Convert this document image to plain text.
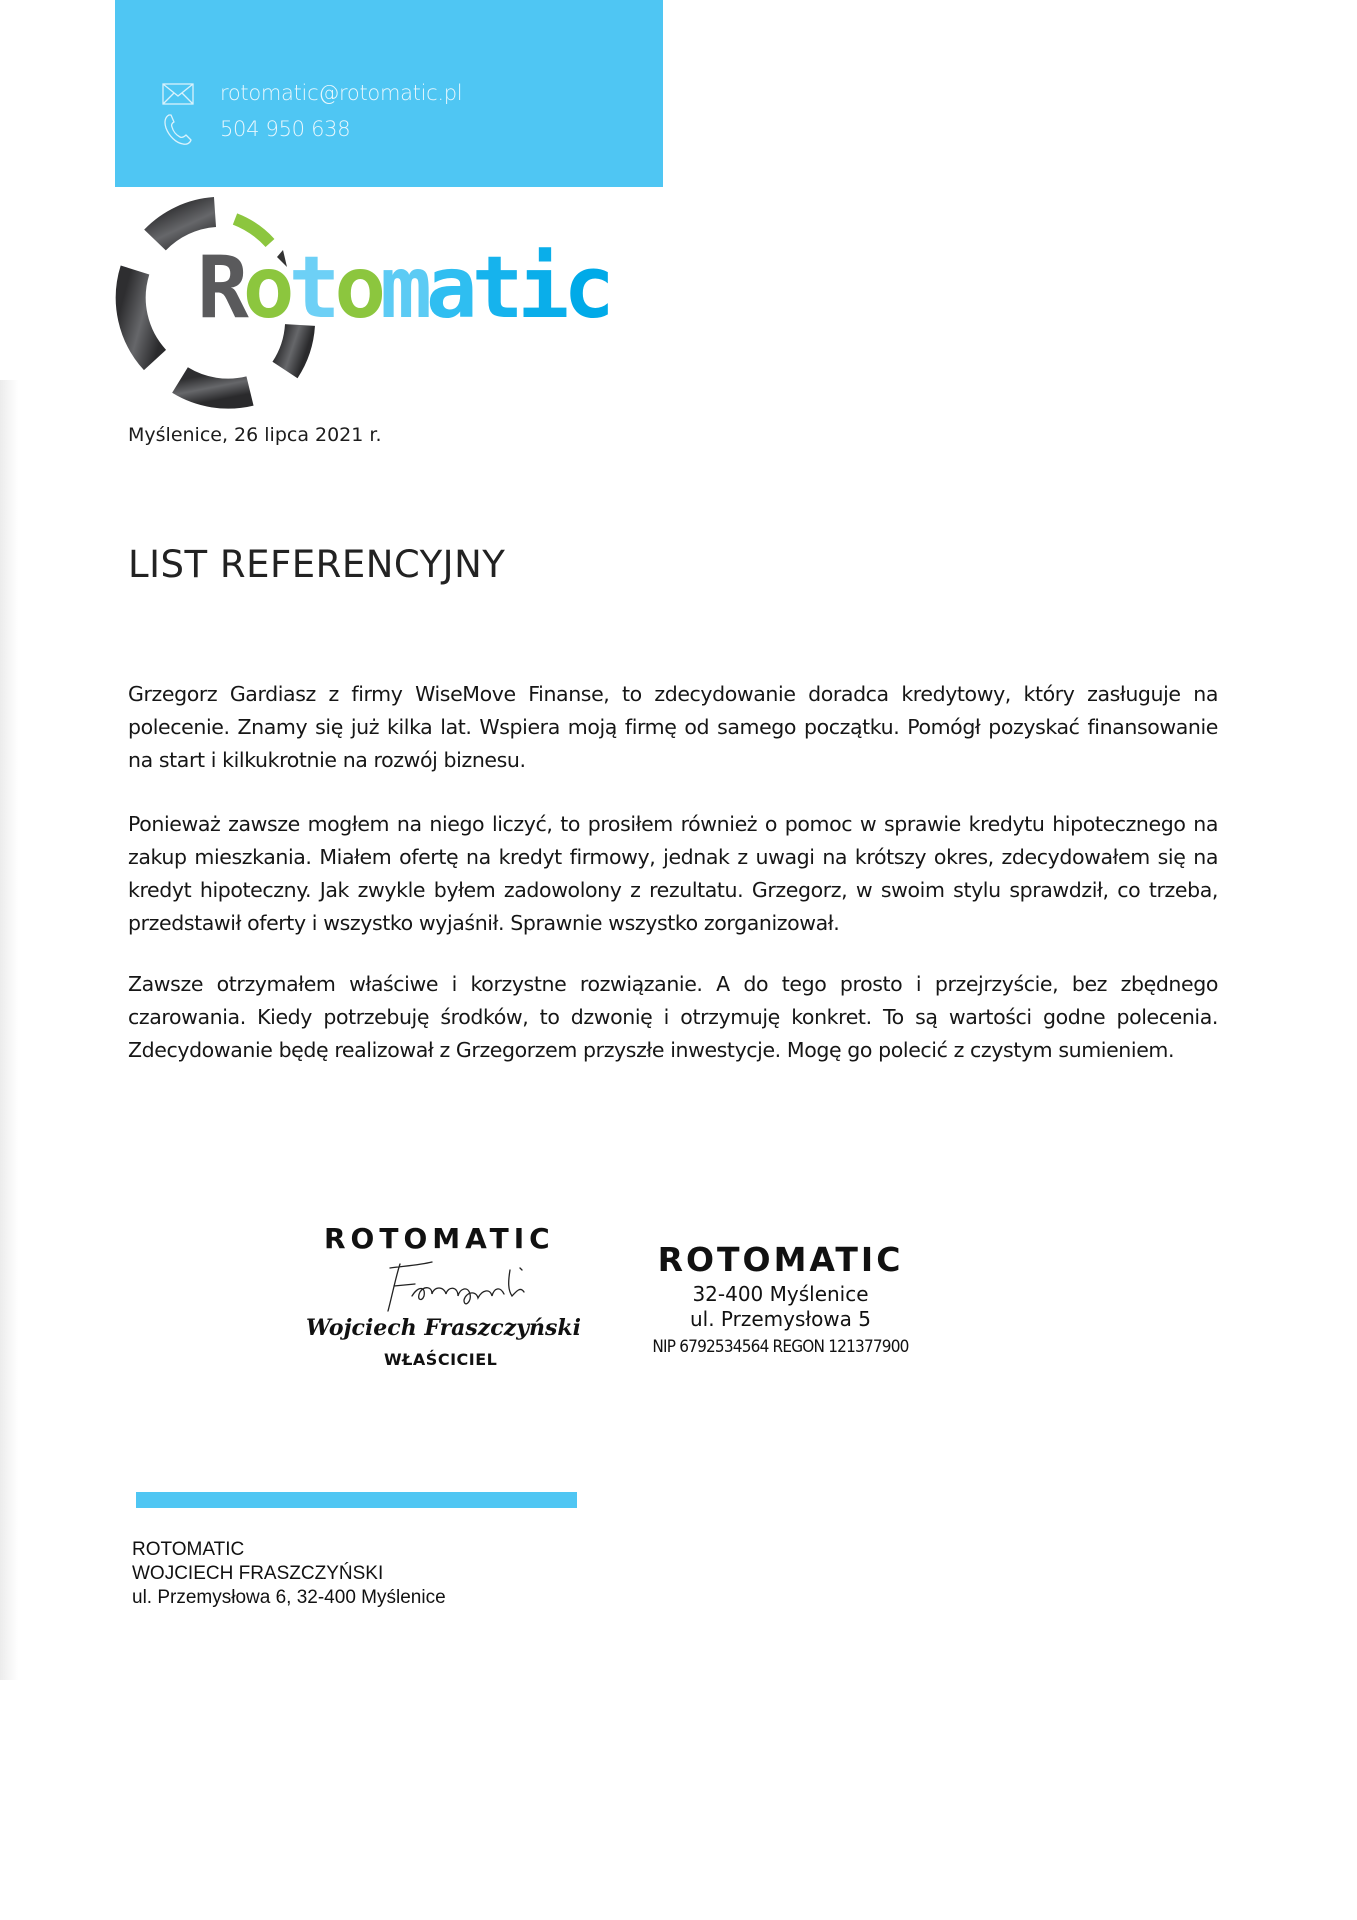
rotomatic@rotomatic.pl
504 950 638
Rotomatic
Myślenice, 26 lipca 2021 r.
LIST REFERENCYJNY

Grzegorz Gardiasz z firmy WiseMove Finanse, to zdecydowanie doradca kredytowy, który zasługuje na polecenie. Znamy się już kilka lat. Wspiera moją firmę od samego początku. Pomógł pozyskać finansowanie na start i kilkukrotnie na rozwój biznesu.

Ponieważ zawsze mogłem na niego liczyć, to prosiłem również o pomoc w sprawie kredytu hipotecznego na zakup mieszkania. Miałem ofertę na kredyt firmowy, jednak z uwagi na krótszy okres, zdecydowałem się na kredyt hipoteczny. Jak zwykle byłem zadowolony z rezultatu. Grzegorz, w swoim stylu sprawdził, co trzeba, przedstawił oferty i wszystko wyjaśnił. Sprawnie wszystko zorganizował.

Zawsze otrzymałem właściwe i korzystne rozwiązanie. A do tego prosto i przejrzyście, bez zbędnego czarowania. Kiedy potrzebuję środków, to dzwonię i otrzymuję konkret. To są wartości godne polecenia. Zdecydowanie będę realizował z Grzegorzem przyszłe inwestycje. Mogę go polecić z czystym sumieniem.

ROTOMATIC
Wojciech Fraszczyński
WŁAŚCICIEL
ROTOMATIC
32-400 Myślenice
ul. Przemysłowa 5
NIP 6792534564 REGON 121377900
ROTOMATIC
WOJCIECH FRASZCZYŃSKI
ul. Przemysłowa 6, 32-400 Myślenice
